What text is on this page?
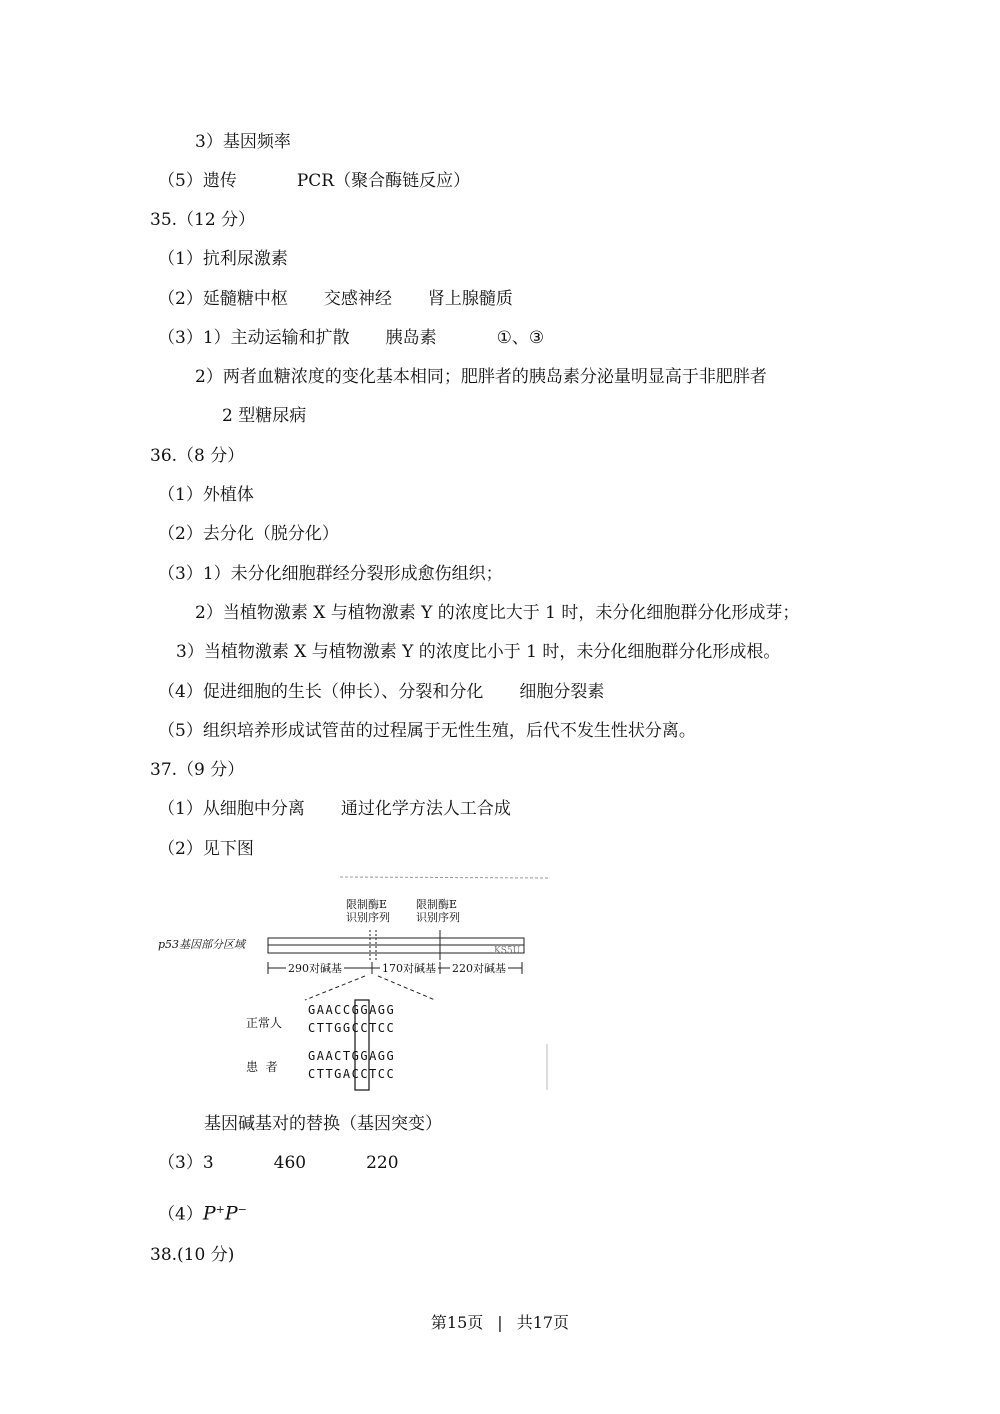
3）基因频率
（5）遗传	PCR（聚合酶链反应）
35.（12 分）
（1）抗利尿激素
（2）延髓糖中枢 交感神经 肾上腺髓质
（3）1）主动运输和扩散 胰岛素	①、③
2）两者血糖浓度的变化基本相同；肥胖者的胰岛素分泌量明显高于非肥胖者
2 型糖尿病
36.（8 分）
（1）外植体
（2）去分化（脱分化）
（3）1）未分化细胞群经分裂形成愈伤组织；
2）当植物激素 X 与植物激素 Y 的浓度比大于 1 时，未分化细胞群分化形成芽；
3）当植物激素 X 与植物激素 Y 的浓度比小于 1 时，未分化细胞群分化形成根。
（4）促进细胞的生长（伸长）、分裂和分化 细胞分裂素
（5）组织培养形成试管苗的过程属于无性生殖，后代不发生性状分离。
37.（9 分）
（1）从细胞中分离 通过化学方法人工合成
（2）见下图
限制酶E
识别序列
限制酶E
识别序列
p53基因部分区域	KS5U
290对碱基	170对碱基 220对碱基
正常人
患  者
GAACCGGAGG
CTTGGCCTCC
GAACTGGAGG
CTTGACCTCC
基因碱基对的替换（基因突变）
（3）3	460	220
（4）P+P−
38.(10 分)
第15页 | 共17页
